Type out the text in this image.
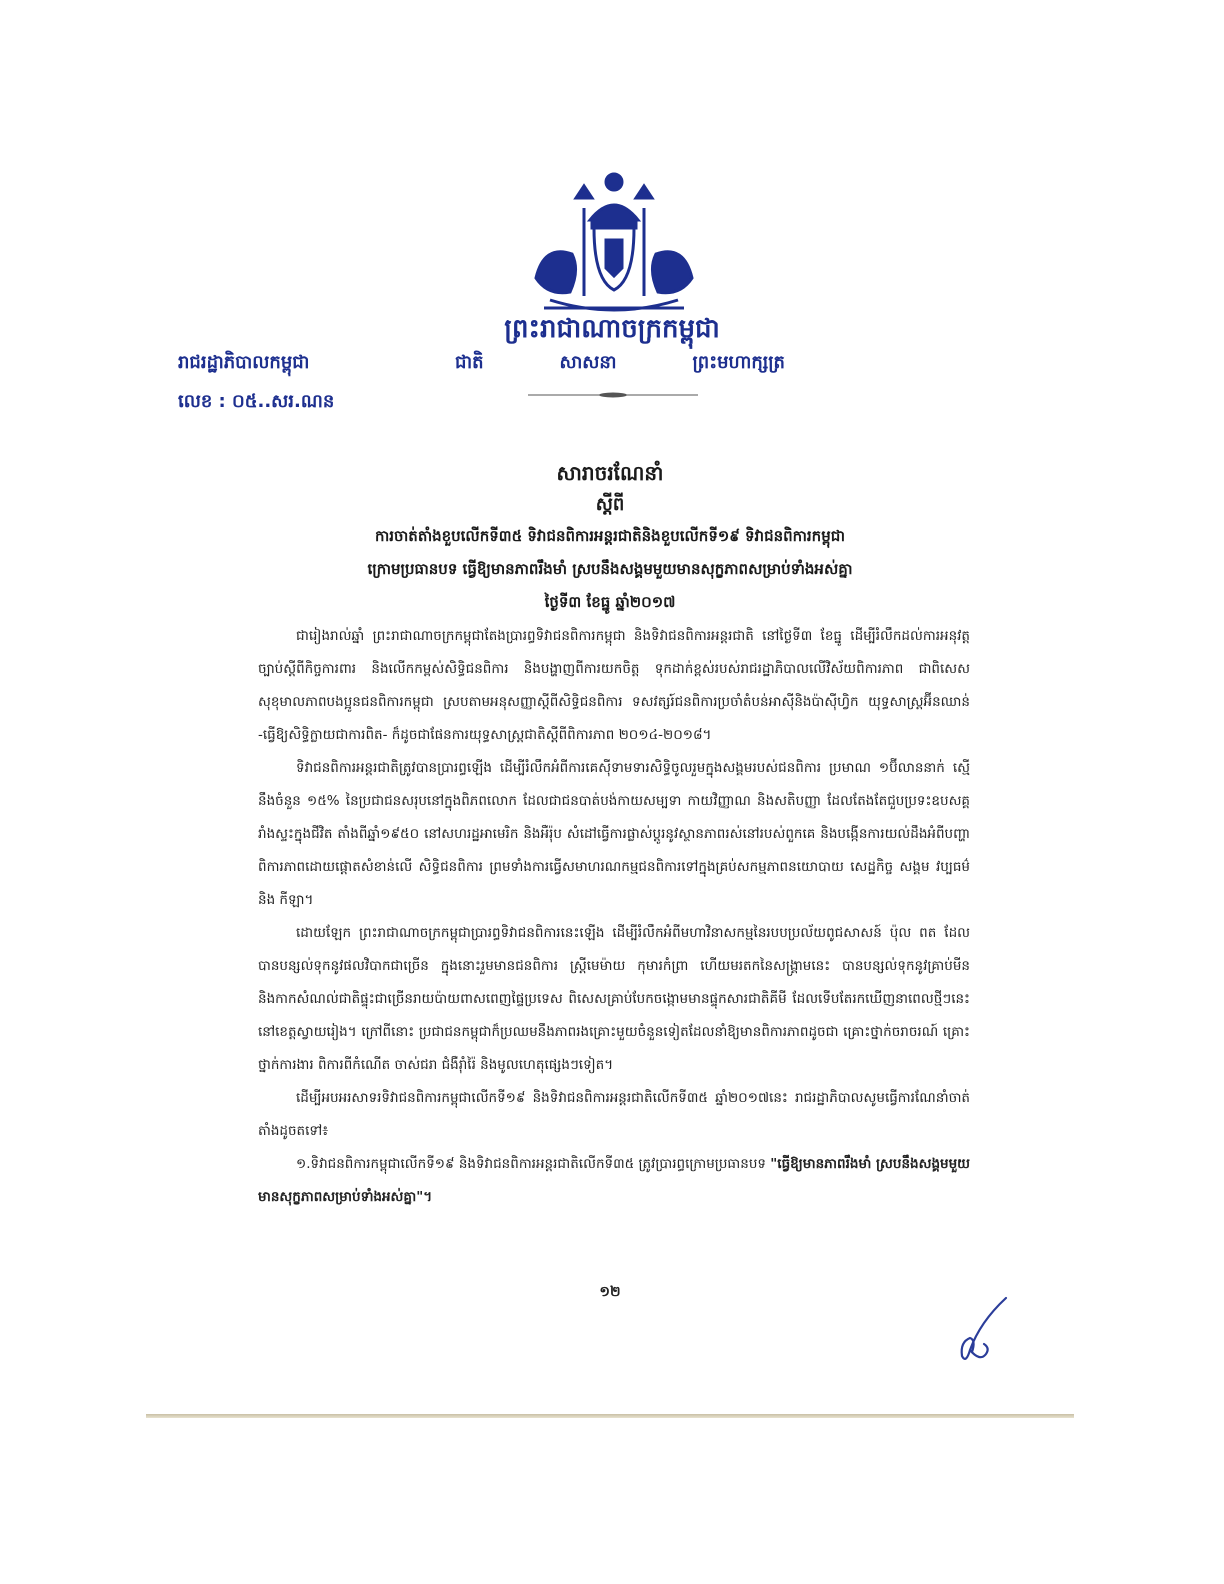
ព្រះរាជាណាចក្រកម្ពុជា
ជាតិ	សាសនា	ព្រះមហាក្សត្រ
រាជរដ្ឋាភិបាលកម្ពុជា
លេខ : ០៥..សរ.ណន
សារាចរណែនាំ
ស្ដីពី
ការចាត់តាំងខួបលើកទី៣៥ ទិវាជនពិការអន្តរជាតិនិងខួបលើកទី១៩ ទិវាជនពិការកម្ពុជា
ក្រោមប្រធានបទ ធ្វើឱ្យមានភាពរឹងមាំ ស្របនឹងសង្គមមួយមានសុក្ខភាពសម្រាប់ទាំងអស់គ្នា
ថ្ងៃទី៣ ខែធ្នូ ឆ្នាំ២០១៧

ជារៀងរាល់ឆ្នាំ ព្រះរាជាណាចក្រកម្ពុជាតែងប្រារព្ធទិវាជនពិការកម្ពុជា និងទិវាជនពិការអន្តរជាតិ នៅថ្ងៃទី៣ ខែធ្នូ ដើម្បីរំលឹកដល់ការអនុវត្តច្បាប់ស្ដីពីកិច្ចការពារ និងលើកកម្ពស់សិទ្ធិជនពិការ និងបង្ហាញពីការយកចិត្ត ទុកដាក់ខ្ពស់របស់រាជរដ្ឋាភិបាលលើវិស័យពិការភាព ជាពិសេសសុខុមាលភាពបងប្អូនជនពិការកម្ពុជា ស្របតាមអនុសញ្ញាស្ដីពីសិទ្ធិជនពិការ ទសវត្សរ៍ជនពិការប្រចាំតំបន់អាស៊ីនិងប៉ាស៊ីហ្វិក យុទ្ធសាស្ត្រអ៊ីនឈាន់ -ធ្វើឱ្យសិទ្ធិក្លាយជាការពិត- ក៏ដូចជាផែនការយុទ្ធសាស្ត្រជាតិស្ដីពីពិការភាព ២០១៤-២០១៨។

ទិវាជនពិការអន្តរជាតិត្រូវបានប្រារព្ធឡើង ដើម្បីរំលឹកអំពីការគេស៊ីទាមទារសិទ្ធិចូលរួមក្នុងសង្គមរបស់ជនពិការ ប្រមាណ ១ប៊ីលាននាក់ ស្មើនឹងចំនួន ១៥% នៃប្រជាជនសរុបនៅក្នុងពិភពលោក ដែលជាជនបាត់បង់កាយសម្បទា កាយវិញ្ញាណ និងសតិបញ្ញា ដែលតែងតែជួបប្រទះឧបសគ្គរាំងស្ទះក្នុងជីវិត តាំងពីឆ្នាំ១៩៥០ នៅសហរដ្ឋអាមេរិក និងអឺរ៉ុប សំដៅធ្វើការផ្លាស់ប្ដូរនូវស្ថានភាពរស់នៅរបស់ពួកគេ និងបង្កើនការយល់ដឹងអំពីបញ្ហាពិការភាពដោយផ្ដោតសំខាន់លើ សិទ្ធិជនពិការ ព្រមទាំងការធ្វើសមាហរណកម្មជនពិការទៅក្នុងគ្រប់សកម្មភាពនយោបាយ សេដ្ឋកិច្ច សង្គម វប្បធម៌ និង កីឡា។

ដោយឡែក ព្រះរាជាណាចក្រកម្ពុជាប្រារព្ធទិវាជនពិការនេះឡើង ដើម្បីរំលឹកអំពីមហាវិនាសកម្មនៃរបបប្រល័យពូជសាសន៍ ប៉ុល ពត ដែលបានបន្សល់ទុកនូវផលវិបាកជាច្រើន ក្នុងនោះរួមមានជនពិការ ស្ត្រីមេម៉ាយ កុមារកំព្រា ហើយមរតកនៃសង្គ្រាមនេះ បានបន្សល់ទុកនូវគ្រាប់មីននិងកាកសំណល់ជាតិផ្ទុះជាច្រើនរាយប៉ាយពាសពេញផ្ទៃប្រទេស ពិសេសគ្រាប់បែកចង្កោមមានផ្ទុកសារជាតិគីមី ដែលទើបតែរកឃើញនាពេលថ្មីៗនេះនៅខេត្តស្វាយរៀង។ ក្រៅពីនោះ ប្រជាជនកម្ពុជាក៏ប្រឈមនឹងភាពរងគ្រោះមួយចំនួនទៀតដែលនាំឱ្យមានពិការភាពដូចជា គ្រោះថ្នាក់ចរាចរណ៍ គ្រោះថ្នាក់ការងារ ពិការពីកំណើត ចាស់ជរា ជំងឺរ៉ាំរ៉ៃ និងមូលហេតុផ្សេងៗទៀត។

ដើម្បីអបអរសាទរទិវាជនពិការកម្ពុជាលើកទី១៩ និងទិវាជនពិការអន្តរជាតិលើកទី៣៥ ឆ្នាំ២០១៧នេះ រាជរដ្ឋាភិបាលសូមធ្វើការណែនាំចាត់តាំងដូចតទៅ៖

១.ទិវាជនពិការកម្ពុជាលើកទី១៩ និងទិវាជនពិការអន្តរជាតិលើកទី៣៥ ត្រូវប្រារព្ធក្រោមប្រធានបទ "ធ្វើឱ្យមានភាពរឹងមាំ ស្របនឹងសង្គមមួយមានសុក្ខភាពសម្រាប់ទាំងអស់គ្នា"។

១២
